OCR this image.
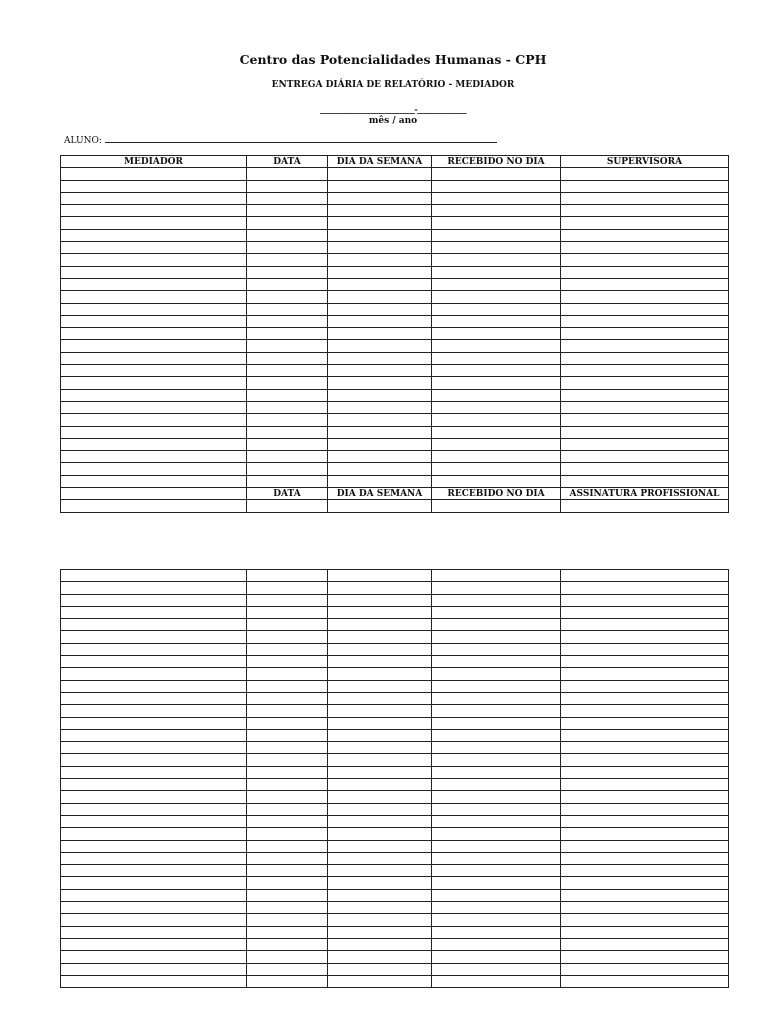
Centro das Potencialidades Humanas - CPH
ENTREGA DIÁRIA DE RELATÓRIO - MEDIADOR
___________________________-______________
mês / ano
ALUNO:
MEDIADOR	DATA	DIA DA SEMANA	RECEBIDO NO DIA	SUPERVISORA

	DATA	DIA DA SEMANA	RECEBIDO NO DIA	ASSINATURA PROFISSIONAL
